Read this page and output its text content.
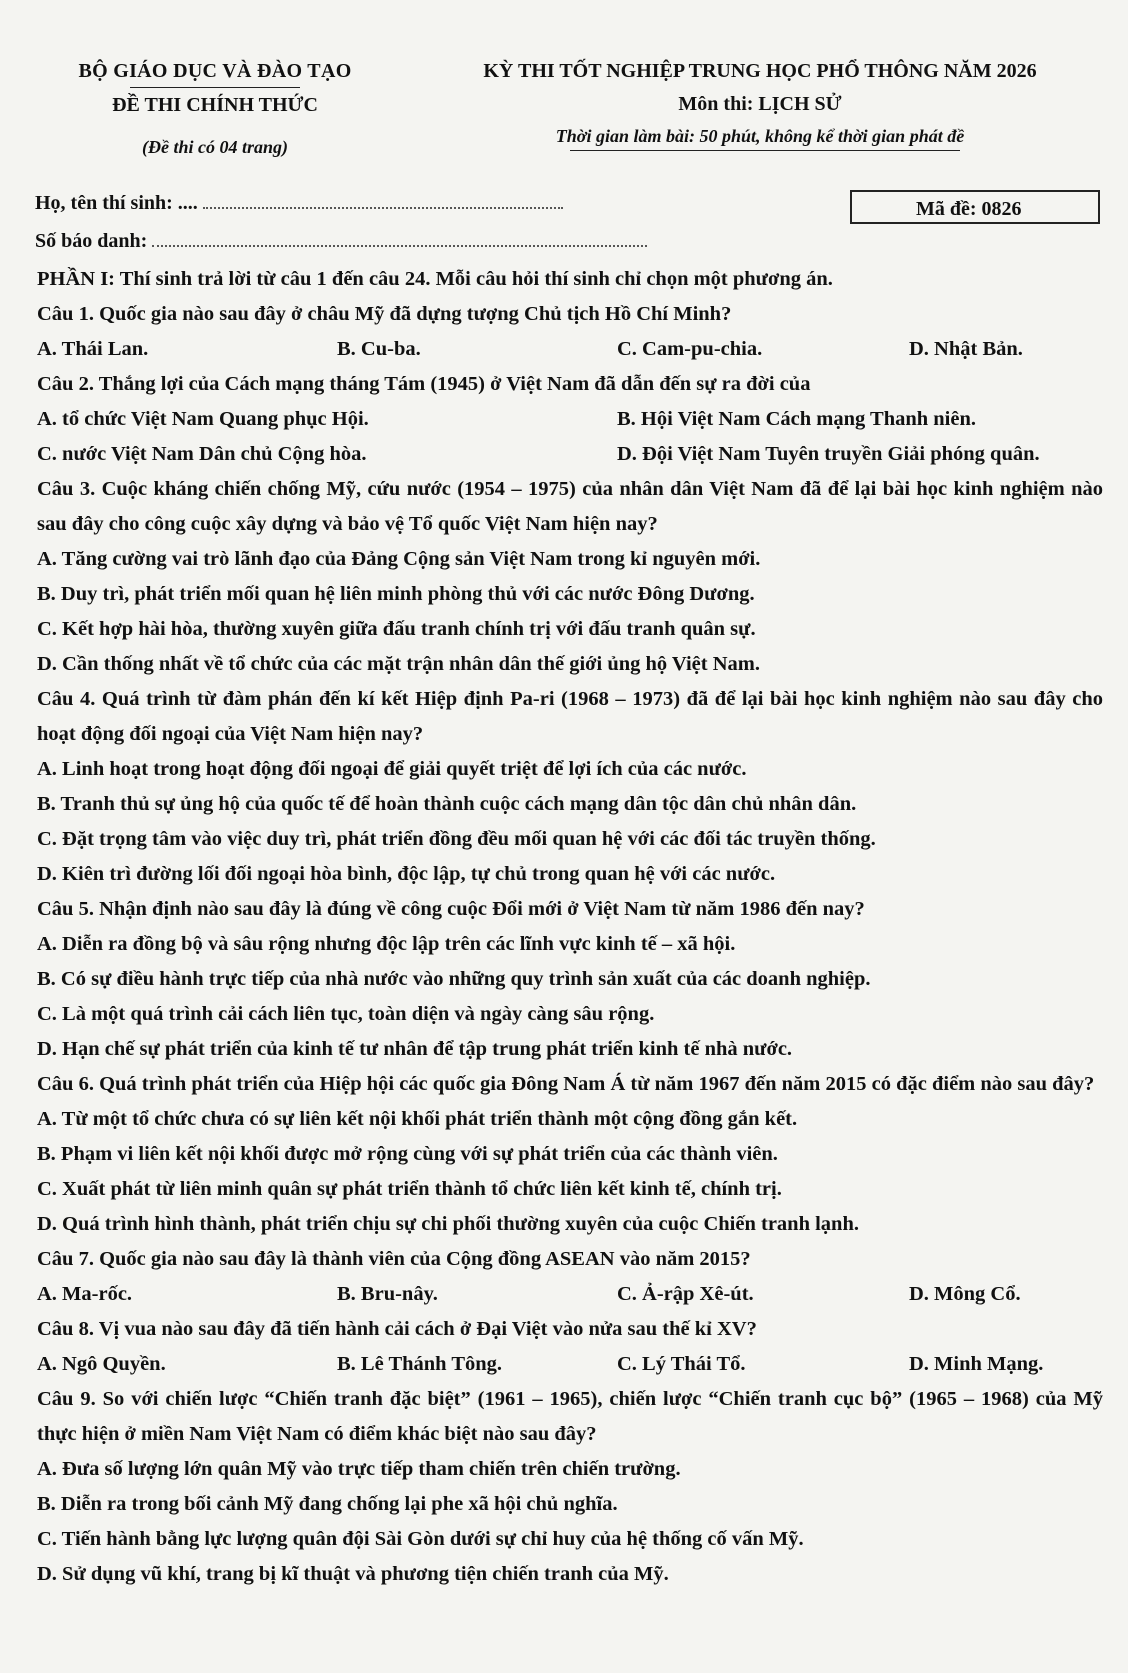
BỘ GIÁO DỤC VÀ ĐÀO TẠO
ĐỀ THI CHÍNH THỨC
(Đề thi có 04 trang)
KỲ THI TỐT NGHIỆP TRUNG HỌC PHỔ THÔNG NĂM 2026
Môn thi: LỊCH SỬ
Thời gian làm bài: 50 phút, không kể thời gian phát đề
Họ, tên thí sinh: ....
Số báo danh:
Mã đề: 0826

PHẦN I: Thí sinh trả lời từ câu 1 đến câu 24. Mỗi câu hỏi thí sinh chỉ chọn một phương án.

Câu 1. Quốc gia nào sau đây ở châu Mỹ đã dựng tượng Chủ tịch Hồ Chí Minh?

A. Thái Lan.	B. Cu-ba.	C. Cam-pu-chia.	D. Nhật Bản.

Câu 2. Thắng lợi của Cách mạng tháng Tám (1945) ở Việt Nam đã dẫn đến sự ra đời của

A. tổ chức Việt Nam Quang phục Hội.	B. Hội Việt Nam Cách mạng Thanh niên.
C. nước Việt Nam Dân chủ Cộng hòa.	D. Đội Việt Nam Tuyên truyền Giải phóng quân.

Câu 3. Cuộc kháng chiến chống Mỹ, cứu nước (1954 – 1975) của nhân dân Việt Nam đã để lại bài học kinh nghiệm nào sau đây cho công cuộc xây dựng và bảo vệ Tổ quốc Việt Nam hiện nay?

A. Tăng cường vai trò lãnh đạo của Đảng Cộng sản Việt Nam trong kỉ nguyên mới.

B. Duy trì, phát triển mối quan hệ liên minh phòng thủ với các nước Đông Dương.

C. Kết hợp hài hòa, thường xuyên giữa đấu tranh chính trị với đấu tranh quân sự.

D. Cần thống nhất về tổ chức của các mặt trận nhân dân thế giới ủng hộ Việt Nam.

Câu 4. Quá trình từ đàm phán đến kí kết Hiệp định Pa-ri (1968 – 1973) đã để lại bài học kinh nghiệm nào sau đây cho hoạt động đối ngoại của Việt Nam hiện nay?

A. Linh hoạt trong hoạt động đối ngoại để giải quyết triệt để lợi ích của các nước.

B. Tranh thủ sự ủng hộ của quốc tế để hoàn thành cuộc cách mạng dân tộc dân chủ nhân dân.

C. Đặt trọng tâm vào việc duy trì, phát triển đồng đều mối quan hệ với các đối tác truyền thống.

D. Kiên trì đường lối đối ngoại hòa bình, độc lập, tự chủ trong quan hệ với các nước.

Câu 5. Nhận định nào sau đây là đúng về công cuộc Đổi mới ở Việt Nam từ năm 1986 đến nay?

A. Diễn ra đồng bộ và sâu rộng nhưng độc lập trên các lĩnh vực kinh tế – xã hội.

B. Có sự điều hành trực tiếp của nhà nước vào những quy trình sản xuất của các doanh nghiệp.

C. Là một quá trình cải cách liên tục, toàn diện và ngày càng sâu rộng.

D. Hạn chế sự phát triển của kinh tế tư nhân để tập trung phát triển kinh tế nhà nước.

Câu 6. Quá trình phát triển của Hiệp hội các quốc gia Đông Nam Á từ năm 1967 đến năm 2015 có đặc điểm nào sau đây?

A. Từ một tổ chức chưa có sự liên kết nội khối phát triển thành một cộng đồng gắn kết.

B. Phạm vi liên kết nội khối được mở rộng cùng với sự phát triển của các thành viên.

C. Xuất phát từ liên minh quân sự phát triển thành tổ chức liên kết kinh tế, chính trị.

D. Quá trình hình thành, phát triển chịu sự chi phối thường xuyên của cuộc Chiến tranh lạnh.

Câu 7. Quốc gia nào sau đây là thành viên của Cộng đồng ASEAN vào năm 2015?

A. Ma-rốc.	B. Bru-nây.	C. Ả-rập Xê-út.	D. Mông Cổ.

Câu 8. Vị vua nào sau đây đã tiến hành cải cách ở Đại Việt vào nửa sau thế kỉ XV?

A. Ngô Quyền.	B. Lê Thánh Tông.	C. Lý Thái Tổ.	D. Minh Mạng.

Câu 9. So với chiến lược “Chiến tranh đặc biệt” (1961 – 1965), chiến lược “Chiến tranh cục bộ” (1965 – 1968) của Mỹ thực hiện ở miền Nam Việt Nam có điểm khác biệt nào sau đây?

A. Đưa số lượng lớn quân Mỹ vào trực tiếp tham chiến trên chiến trường.

B. Diễn ra trong bối cảnh Mỹ đang chống lại phe xã hội chủ nghĩa.

C. Tiến hành bằng lực lượng quân đội Sài Gòn dưới sự chỉ huy của hệ thống cố vấn Mỹ.

D. Sử dụng vũ khí, trang bị kĩ thuật và phương tiện chiến tranh của Mỹ.
